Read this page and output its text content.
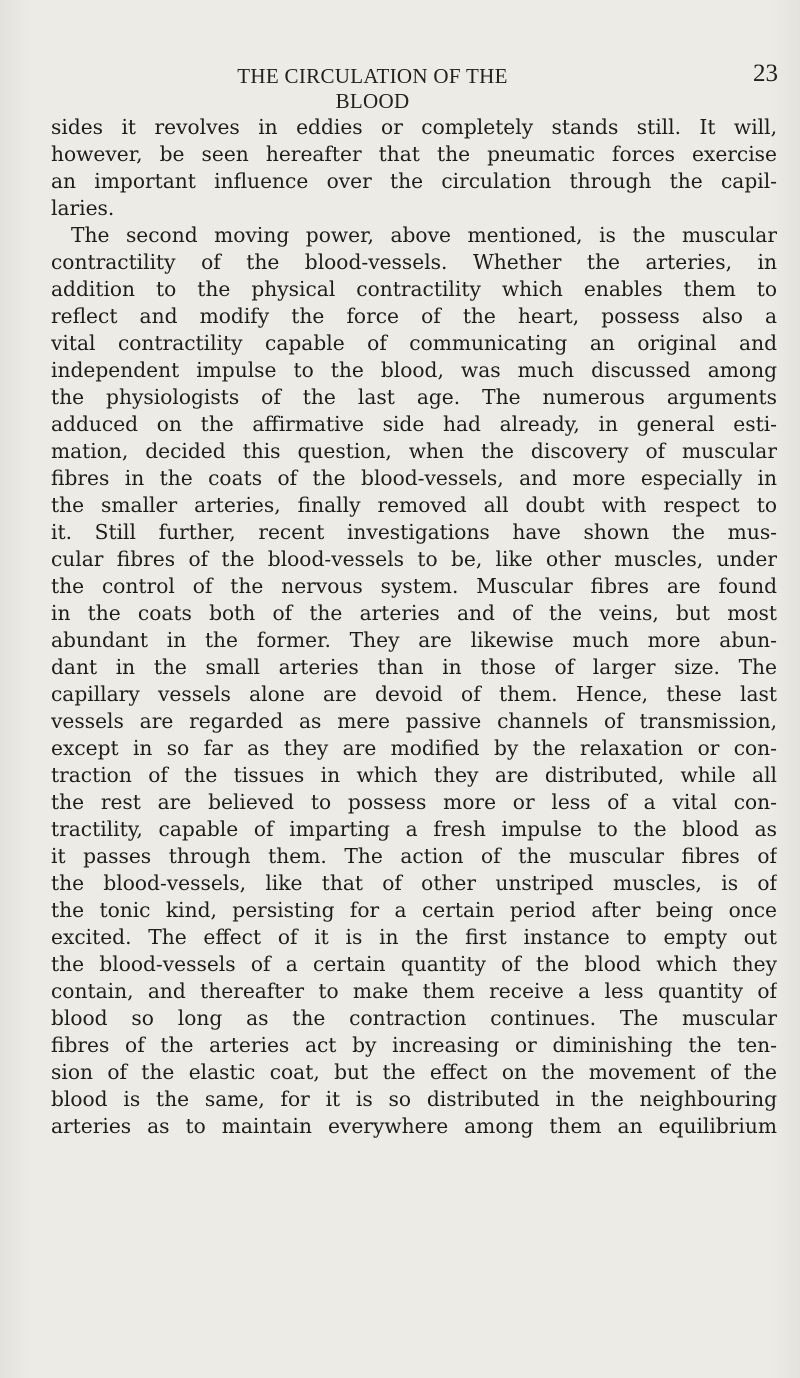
THE CIRCULATION OF THE BLOOD
23
sides it revolves in eddies or completely stands still. It will,
however, be seen hereafter that the pneumatic forces exercise
an important influence over the circulation through the capil-
laries.
The second moving power, above mentioned, is the muscular
contractility of the blood-vessels. Whether the arteries, in
addition to the physical contractility which enables them to
reflect and modify the force of the heart, possess also a
vital contractility capable of communicating an original and
independent impulse to the blood, was much discussed among
the physiologists of the last age. The numerous arguments
adduced on the affirmative side had already, in general esti-
mation, decided this question, when the discovery of muscular
fibres in the coats of the blood-vessels, and more especially in
the smaller arteries, finally removed all doubt with respect to
it. Still further, recent investigations have shown the mus-
cular fibres of the blood-vessels to be, like other muscles, under
the control of the nervous system. Muscular fibres are found
in the coats both of the arteries and of the veins, but most
abundant in the former. They are likewise much more abun-
dant in the small arteries than in those of larger size. The
capillary vessels alone are devoid of them. Hence, these last
vessels are regarded as mere passive channels of transmission,
except in so far as they are modified by the relaxation or con-
traction of the tissues in which they are distributed, while all
the rest are believed to possess more or less of a vital con-
tractility, capable of imparting a fresh impulse to the blood as
it passes through them. The action of the muscular fibres of
the blood-vessels, like that of other unstriped muscles, is of
the tonic kind, persisting for a certain period after being once
excited. The effect of it is in the first instance to empty out
the blood-vessels of a certain quantity of the blood which they
contain, and thereafter to make them receive a less quantity of
blood so long as the contraction continues. The muscular
fibres of the arteries act by increasing or diminishing the ten-
sion of the elastic coat, but the effect on the movement of the
blood is the same, for it is so distributed in the neighbouring
arteries as to maintain everywhere among them an equilibrium
